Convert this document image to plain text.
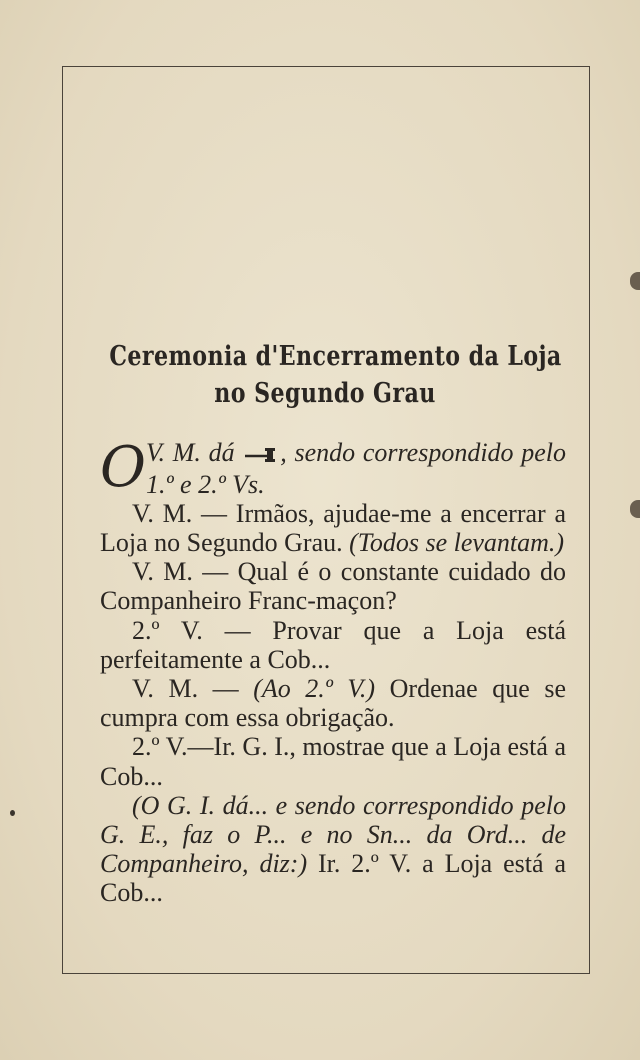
Ceremonia d'Encerramento da Loja
no Segundo Grau

O V. M. dá , sendo correspondido pelo 1.º e 2.º Vs.

V. M. — Irmãos, ajudae-me a encerrar a Loja no Segundo Grau. (Todos se levantam.)

V. M. — Qual é o constante cuidado do Companheiro Franc-maçon?

2.º V. — Provar que a Loja está perfeitamente a Cob...

V. M. — (Ao 2.º V.) Ordenae que se cumpra com essa obrigação.

2.º V.—Ir. G. I., mostrae que a Loja está a Cob...

(O G. I. dá... e sendo correspondido pelo G. E., faz o P... e no Sn... da Ord... de Companheiro, diz:) Ir. 2.º V. a Loja está a Cob...
